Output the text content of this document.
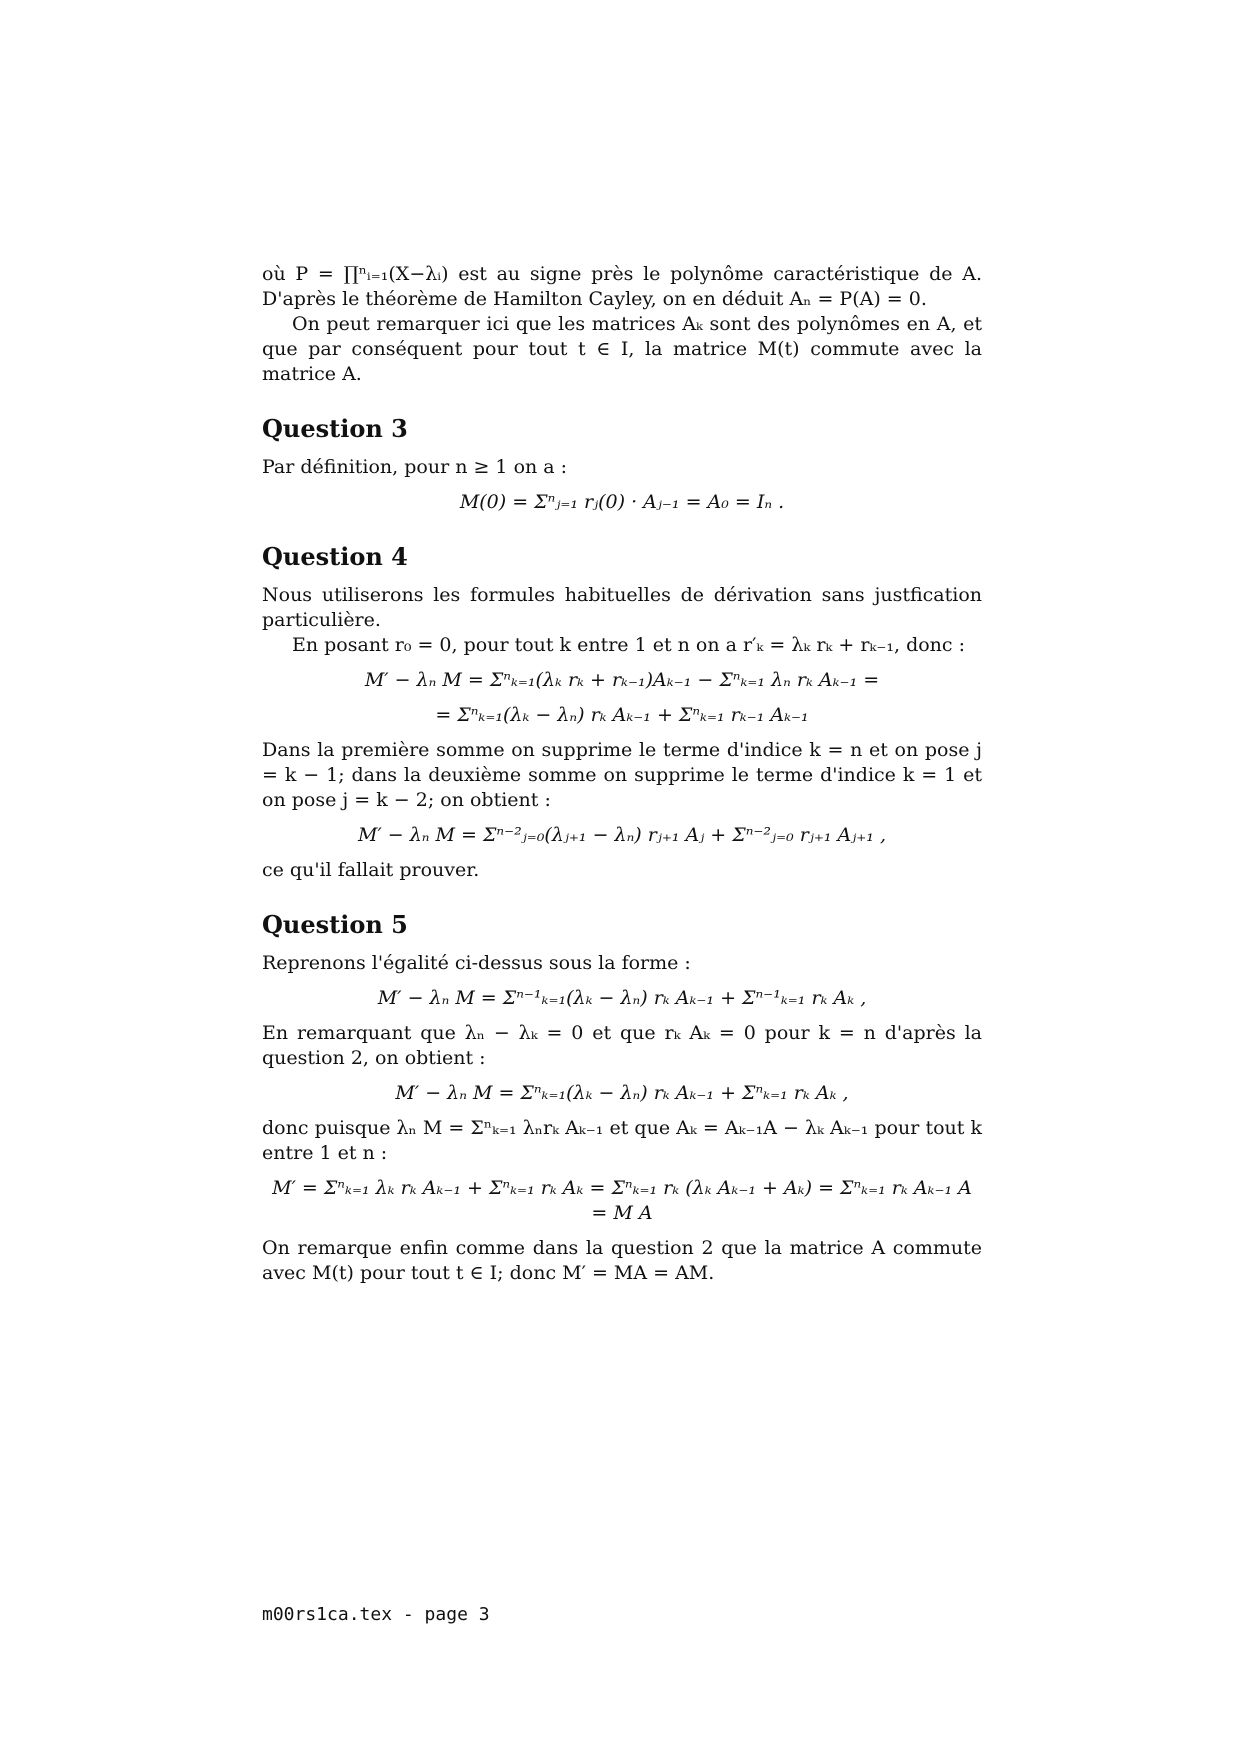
où P = ∏ⁿᵢ₌₁(X−λᵢ) est au signe près le polynôme caractéristique de A. D'après le théorème de Hamilton Cayley, on en déduit Aₙ = P(A) = 0.

On peut remarquer ici que les matrices Aₖ sont des polynômes en A, et que par conséquent pour tout t ∈ I, la matrice M(t) commute avec la matrice A.

Question 3

Par définition, pour n ≥ 1 on a :

M(0) = Σⁿⱼ₌₁ rⱼ(0) · Aⱼ₋₁ = A₀ = Iₙ .
Question 4

Nous utiliserons les formules habituelles de dérivation sans justfication particulière.

En posant r₀ = 0, pour tout k entre 1 et n on a r′ₖ = λₖ rₖ + rₖ₋₁, donc :

M′ − λₙ M = Σⁿₖ₌₁(λₖ rₖ + rₖ₋₁)Aₖ₋₁ − Σⁿₖ₌₁ λₙ rₖ Aₖ₋₁ =
= Σⁿₖ₌₁(λₖ − λₙ) rₖ Aₖ₋₁ + Σⁿₖ₌₁ rₖ₋₁ Aₖ₋₁

Dans la première somme on supprime le terme d'indice k = n et on pose j = k − 1; dans la deuxième somme on supprime le terme d'indice k = 1 et on pose j = k − 2; on obtient :

M′ − λₙ M = Σⁿ⁻²ⱼ₌₀(λⱼ₊₁ − λₙ) rⱼ₊₁ Aⱼ + Σⁿ⁻²ⱼ₌₀ rⱼ₊₁ Aⱼ₊₁ ,

ce qu'il fallait prouver.

Question 5

Reprenons l'égalité ci-dessus sous la forme :

M′ − λₙ M = Σⁿ⁻¹ₖ₌₁(λₖ − λₙ) rₖ Aₖ₋₁ + Σⁿ⁻¹ₖ₌₁ rₖ Aₖ ,

En remarquant que λₙ − λₖ = 0 et que rₖ Aₖ = 0 pour k = n d'après la question 2, on obtient :

M′ − λₙ M = Σⁿₖ₌₁(λₖ − λₙ) rₖ Aₖ₋₁ + Σⁿₖ₌₁ rₖ Aₖ ,

donc puisque λₙ M = Σⁿₖ₌₁ λₙrₖ Aₖ₋₁ et que Aₖ = Aₖ₋₁A − λₖ Aₖ₋₁ pour tout k entre 1 et n :

M′ = Σⁿₖ₌₁ λₖ rₖ Aₖ₋₁ + Σⁿₖ₌₁ rₖ Aₖ = Σⁿₖ₌₁ rₖ (λₖ Aₖ₋₁ + Aₖ) = Σⁿₖ₌₁ rₖ Aₖ₋₁ A = M A

On remarque enfin comme dans la question 2 que la matrice A commute avec M(t) pour tout t ∈ I; donc M′ = MA = AM.

m00rs1ca.tex - page 3
